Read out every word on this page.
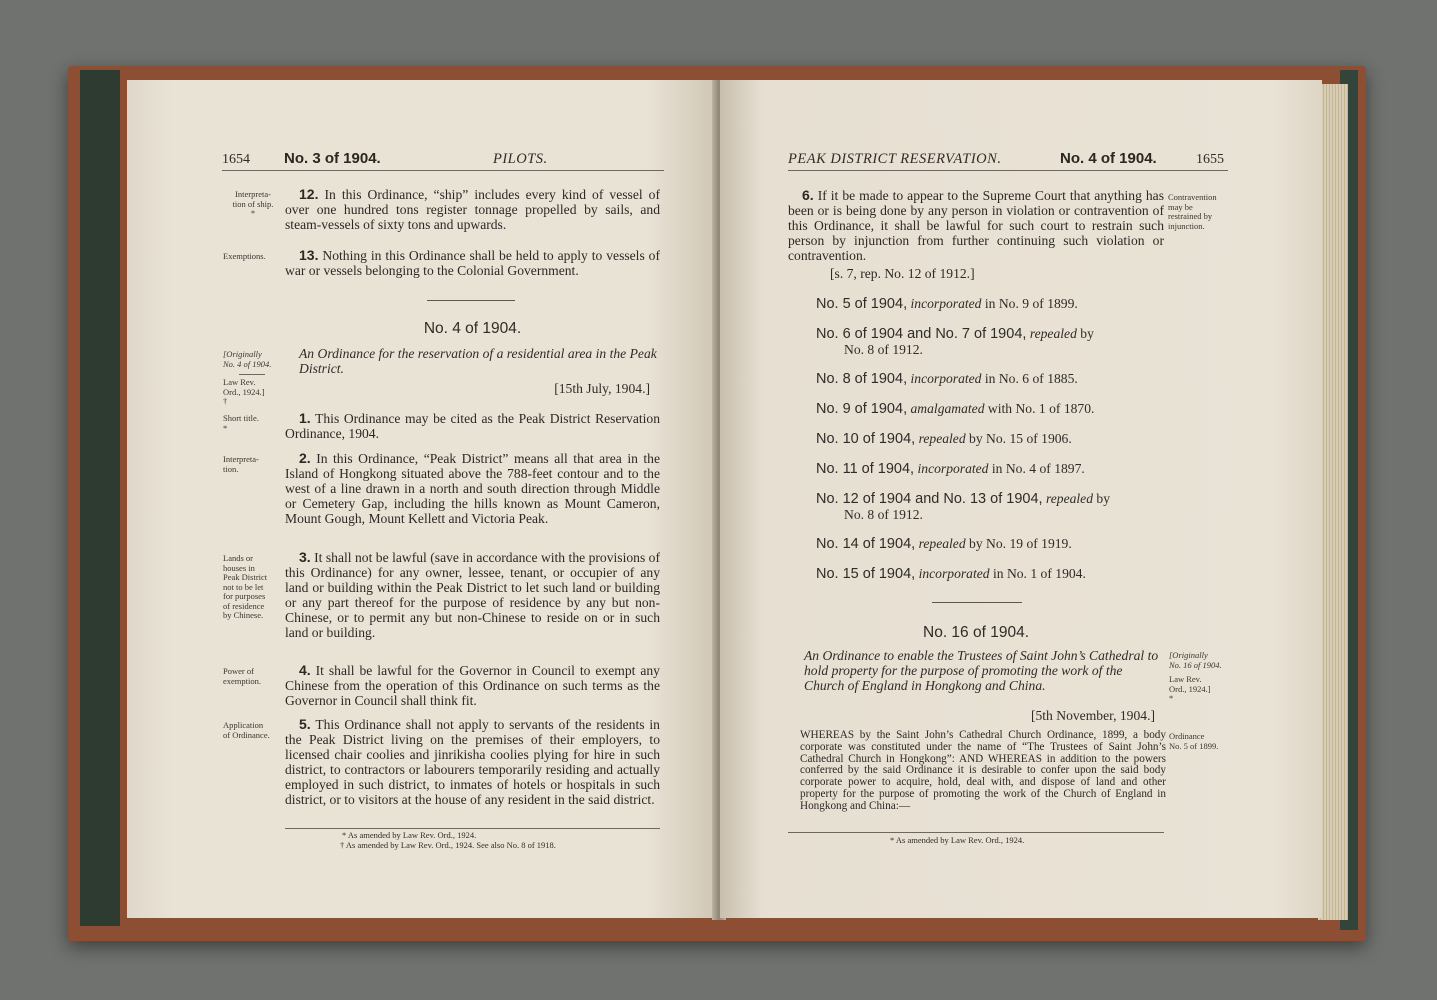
1654 No. 3 of 1904.	PILOTS.
Interpreta-
tion of ship.
*

12. In this Ordinance, “ship” includes every kind of vessel of over one hundred tons register tonnage propelled by sails, and steam-vessels of sixty tons and upwards.

Exemptions.	13. Nothing in this Ordinance shall be held to apply to vessels of war or vessels belonging to the Colonial Government.

No. 4 of 1904.
[Originally
No. 4 of 1904.
Law Rev.
Ord., 1924.]
†

An Ordinance for the reservation of a residential area in the Peak District.

[15th July, 1904.]
Short title.
*

1. This Ordinance may be cited as the Peak District Reservation Ordinance, 1904.

Interpreta-
tion.

2. In this Ordinance, “Peak District” means all that area in the Island of Hongkong situated above the 788-feet contour and to the west of a line drawn in a north and south direction through Middle or Cemetery Gap, including the hills known as Mount Cameron, Mount Gough, Mount Kellett and Victoria Peak.

Lands or
houses in
Peak District
not to be let
for purposes
of residence
by Chinese.

3. It shall not be lawful (save in accordance with the provisions of this Ordinance) for any owner, lessee, tenant, or occupier of any land or building within the Peak District to let such land or building or any part thereof for the purpose of residence by any but non-Chinese, or to permit any but non-Chinese to reside on or in such land or building.

Power of
exemption.

4. It shall be lawful for the Governor in Council to exempt any Chinese from the operation of this Ordinance on such terms as the Governor in Council shall think fit.

Application
of Ordinance.

5. This Ordinance shall not apply to servants of the residents in the Peak District living on the premises of their employers, to licensed chair coolies and jinrikisha coolies plying for hire in such district, to contractors or labourers temporarily residing and actually employed in such district, to inmates of hotels or hospitals in such district, or to visitors at the house of any resident in the said district.

* As amended by Law Rev. Ord., 1924.
† As amended by Law Rev. Ord., 1924. See also No. 8 of 1918.
PEAK DISTRICT RESERVATION.	No. 4 of 1904.	1655

6. If it be made to appear to the Supreme Court that anything has been or is being done by any person in violation or contravention of this Ordinance, it shall be lawful for such court to restrain such person by injunction from further continuing such violation or contravention.

Contravention
may be
restrained by
injunction.
[s. 7, rep. No. 12 of 1912.]
No. 5 of 1904, incorporated in No. 9 of 1899.
No. 6 of 1904 and No. 7 of 1904, repealed by
No. 8 of 1912.
No. 8 of 1904, incorporated in No. 6 of 1885.
No. 9 of 1904, amalgamated with No. 1 of 1870.
No. 10 of 1904, repealed by No. 15 of 1906.
No. 11 of 1904, incorporated in No. 4 of 1897.
No. 12 of 1904 and No. 13 of 1904, repealed by
No. 8 of 1912.
No. 14 of 1904, repealed by No. 19 of 1919.
No. 15 of 1904, incorporated in No. 1 of 1904.
No. 16 of 1904.

An Ordinance to enable the Trustees of Saint John’s Cathedral to hold property for the purpose of promoting the work of the Church of England in Hongkong and China.

[Originally
No. 16 of 1904.
Law Rev.
Ord., 1924.]
*
[5th November, 1904.]

WHEREAS by the Saint John’s Cathedral Church Ordinance, 1899, a body corporate was constituted under the name of “The Trustees of Saint John’s Cathedral Church in Hongkong”: AND WHEREAS in addition to the powers conferred by the said Ordinance it is desirable to confer upon the said body corporate power to acquire, hold, deal with, and dispose of land and other property for the purpose of promoting the work of the Church of England in Hongkong and China:—

Ordinance
No. 5 of 1899.
* As amended by Law Rev. Ord., 1924.
